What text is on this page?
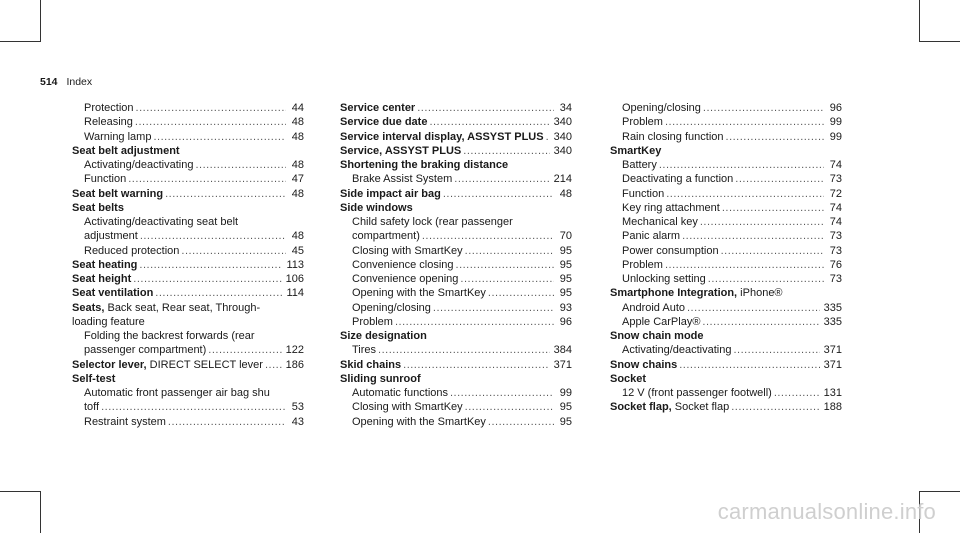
514 Index
Protection .....	44
Releasing .....	48
Warning lamp .....	48
Seat belt adjustment
Activating/deactivating .....	48
Function .....	47
Seat belt warning .....	48
Seat belts
Activating/deactivating seat belt
adjustment .....	48
Reduced protection .....	45
Seat heating .....	113
Seat height .....	106
Seat ventilation .....	114
Seats, Back seat, Rear seat, Through-
loading feature
Folding the backrest forwards (rear
passenger compartment) .....	122
Selector lever, DIRECT SELECT lever ..... 186
Self-test
Automatic front passenger air bag shu
toff .....	53
Restraint system .....	43
Service center .....	34
Service due date .....	340
Service interval display, ASSYST PLUS ..... 340
Service, ASSYST PLUS .....	340
Shortening the braking distance
Brake Assist System .....	214
Side impact air bag .....	48
Side windows
Child safety lock (rear passenger
compartment) .....	70
Closing with SmartKey .....	95
Convenience closing .....	95
Convenience opening .....	95
Opening with the SmartKey .....	95
Opening/closing .....	93
Problem .....	96
Size designation
Tires .....	384
Skid chains .....	371
Sliding sunroof
Automatic functions .....	99
Closing with SmartKey .....	95
Opening with the SmartKey .....	95
Opening/closing .....	96
Problem .....	99
Rain closing function .....	99
SmartKey
Battery .....	74
Deactivating a function .....	73
Function .....	72
Key ring attachment .....	74
Mechanical key .....	74
Panic alarm .....	73
Power consumption .....	73
Problem .....	76
Unlocking setting .....	73
Smartphone Integration, iPhone®
Android Auto .....	335
Apple CarPlay® .....	335
Snow chain mode
Activating/deactivating .....	371
Snow chains .....	371
Socket
12 V (front passenger footwell) .....	131
Socket flap, Socket flap .....	188
carmanualsonline.info
